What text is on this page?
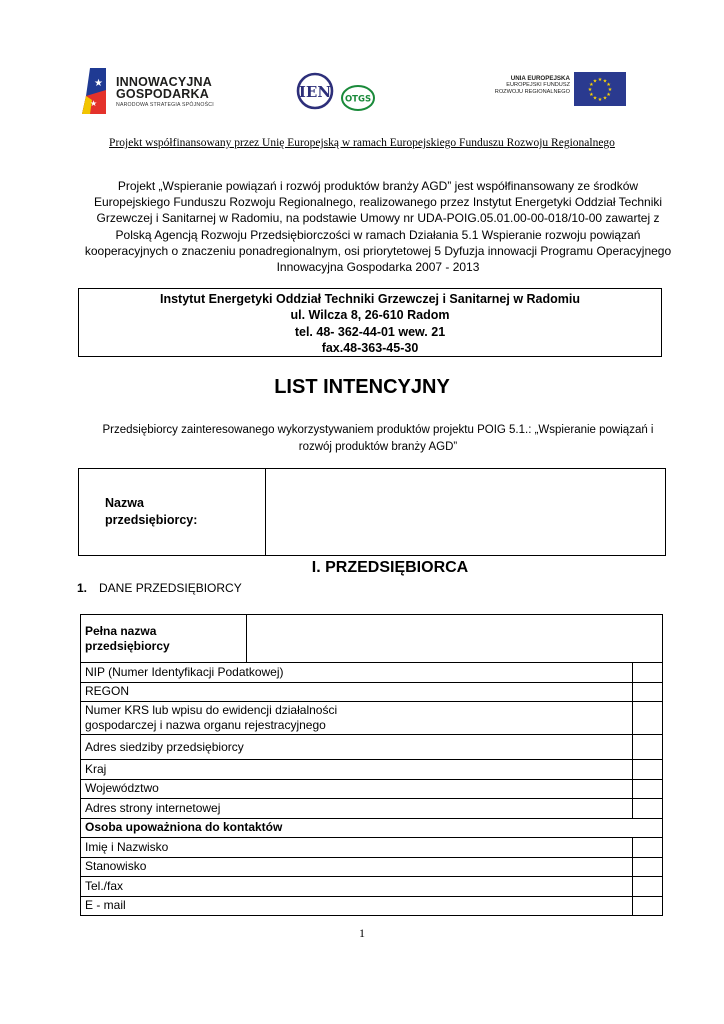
★
★
INNOWACYJNA
GOSPODARKA
NARODOWA STRATEGIA SPÓJNOŚCI
IEN OTGS
UNIA EUROPEJSKA
EUROPEJSKI FUNDUSZ
ROZWOJU REGIONALNEGO	★
★
★
★
★
★
★
★
★ ★ ★
★
Projekt współfinansowany przez Unię Europejską w ramach Europejskiego Funduszu Rozwoju Regionalnego
Projekt „Wspieranie powiązań i rozwój produktów branży AGD” jest współfinansowany ze środków
Europejskiego Funduszu Rozwoju Regionalnego, realizowanego przez Instytut Energetyki Oddział Techniki
Grzewczej i Sanitarnej w Radomiu, na podstawie Umowy nr UDA-POIG.05.01.00-00-018/10-00 zawartej z
Polską Agencją Rozwoju Przedsiębiorczości w ramach Działania 5.1 Wspieranie rozwoju powiązań
kooperacyjnych o znaczeniu ponadregionalnym, osi priorytetowej 5 Dyfuzja innowacji Programu Operacyjnego
Innowacyjna Gospodarka 2007 - 2013
Instytut Energetyki Oddział Techniki Grzewczej i Sanitarnej w Radomiu
ul. Wilcza 8, 26-610 Radom
tel. 48- 362-44-01 wew. 21
fax.48-363-45-30
LIST INTENCYJNY
Przedsiębiorcy zainteresowanego wykorzystywaniem produktów projektu POIG 5.1.: „Wspieranie powiązań i
rozwój produktów branży AGD”
Nazwa
przedsiębiorcy:

I. PRZEDSIĘBIORCA
1. DANE PRZEDSIĘBIORCY
Pełna nazwa przedsiębiorcy		
NIP (Numer Identyfikacji Podatkowej)		
REGON		

Numer KRS lub wpisu do ewidencji działalności
gospodarczej i nazwa organu rejestracyjnego		

Adres siedziby przedsiębiorcy		
Kraj		
Województwo		
Adres strony internetowej		
Osoba upoważniona do kontaktów		
Imię i Nazwisko		
Stanowisko		
Tel./fax		
E - mail		
1
